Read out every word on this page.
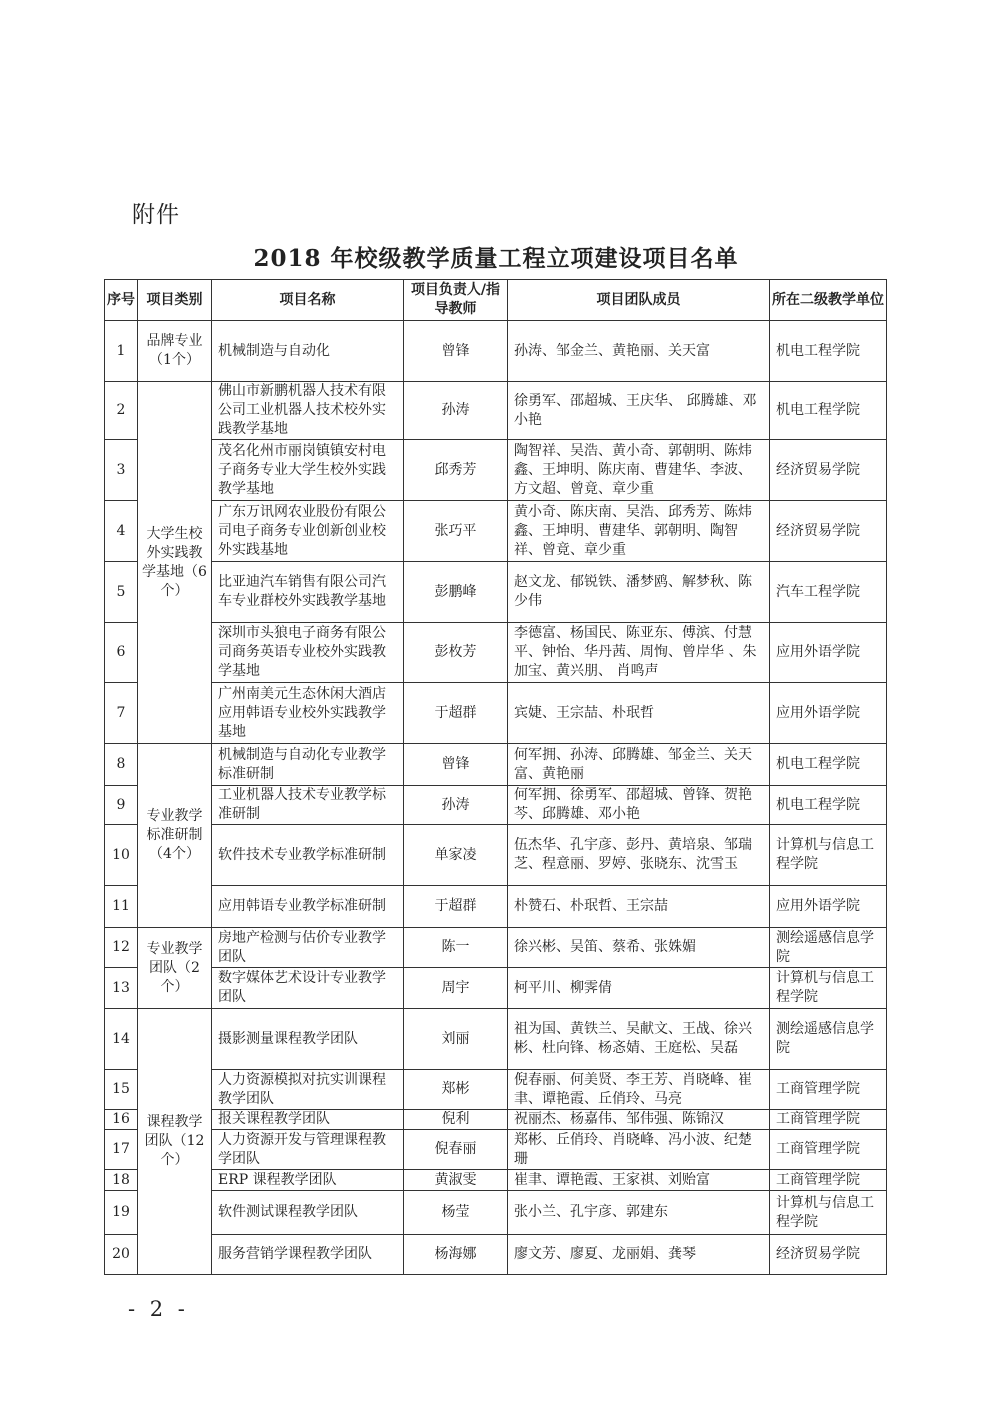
附件
2018 年校级教学质量工程立项建设项目名单
序号	项目类别	项目名称	项目负责人/指导教师	项目团队成员	所在二级教学单位
1	品牌专业（1个）	机械制造与自动化	曾锋	孙涛、邹金兰、黄艳丽、关天富	机电工程学院
2	大学生校外实践教学基地（6个）	佛山市新鹏机器人技术有限公司工业机器人技术校外实践教学基地	孙涛	徐勇军、邵超城、王庆华、 邱腾雄、邓小艳	机电工程学院
3		茂名化州市丽岗镇镇安村电子商务专业大学生校外实践教学基地	邱秀芳	陶智祥、吴浩、黄小奇、郭朝明、陈炜鑫、王坤明、陈庆南、曹建华、李波、方文超、曾竟、章少重	经济贸易学院
4		广东万讯网农业股份有限公司电子商务专业创新创业校外实践基地	张巧平	黄小奇、陈庆南、吴浩、邱秀芳、陈炜鑫、王坤明、曹建华、郭朝明、陶智祥、曾竟、章少重	经济贸易学院
5		比亚迪汽车销售有限公司汽车专业群校外实践教学基地	彭鹏峰	赵文龙、郁锐铁、潘梦鸥、解梦秋、陈少伟	汽车工程学院
6		深圳市头狼电子商务有限公司商务英语专业校外实践教学基地	彭枚芳	李德富、杨国民、陈亚东、傅滨、付慧平、钟怡、华丹茜、周恂、曾岸华 、朱加宝、黄兴朋、 肖鸣声	应用外语学院
7		广州南美元生态休闲大酒店应用韩语专业校外实践教学基地	于超群	宾婕、王宗喆、朴珉哲	应用外语学院
8	专业教学标准研制（4个）	机械制造与自动化专业教学标准研制	曾锋	何军拥、孙涛、邱腾雄、邹金兰、关天富、黄艳丽	机电工程学院
9		工业机器人技术专业教学标准研制	孙涛	何军拥、徐勇军、邵超城、曾锋、贺艳芩、邱腾雄、邓小艳	机电工程学院
10		软件技术专业教学标准研制	单家凌	伍杰华、孔宇彦、彭丹、黄培泉、邹瑞芝、程意丽、罗婷、张晓东、沈雪玉	计算机与信息工程学院
11		应用韩语专业教学标准研制	于超群	朴赞石、朴珉哲、王宗喆	应用外语学院
12	专业教学团队（2个）	房地产检测与估价专业教学团队	陈一	徐兴彬、吴笛、蔡希、张姝媚	测绘遥感信息学院
13		数字媒体艺术设计专业教学团队	周宇	柯平川、柳霁倩	计算机与信息工程学院
14	课程教学团队（12个）	摄影测量课程教学团队	刘丽	祖为国、黄铁兰、吴献文、王战、徐兴彬、杜向锋、杨忞婧、王庭松、吴磊	测绘遥感信息学院
15		人力资源模拟对抗实训课程教学团队	郑彬	倪春丽、何美贤、李王芳、肖晓峰、崔聿、谭艳霞、丘俏玲、马亮	工商管理学院
16		报关课程教学团队	倪利	祝丽杰、杨嘉伟、邹伟强、陈锦汉	工商管理学院
17		人力资源开发与管理课程教学团队	倪春丽	郑彬、丘俏玲、肖晓峰、冯小波、纪楚珊	工商管理学院
18		ERP 课程教学团队	黄淑雯	崔聿、谭艳霞、王家祺、刘贻富	工商管理学院
19		软件测试课程教学团队	杨莹	张小兰、孔宇彦、郭建东	计算机与信息工程学院
20		服务营销学课程教学团队	杨海娜	廖文芳、廖夏、龙丽娟、龚琴	经济贸易学院
- 2 -
